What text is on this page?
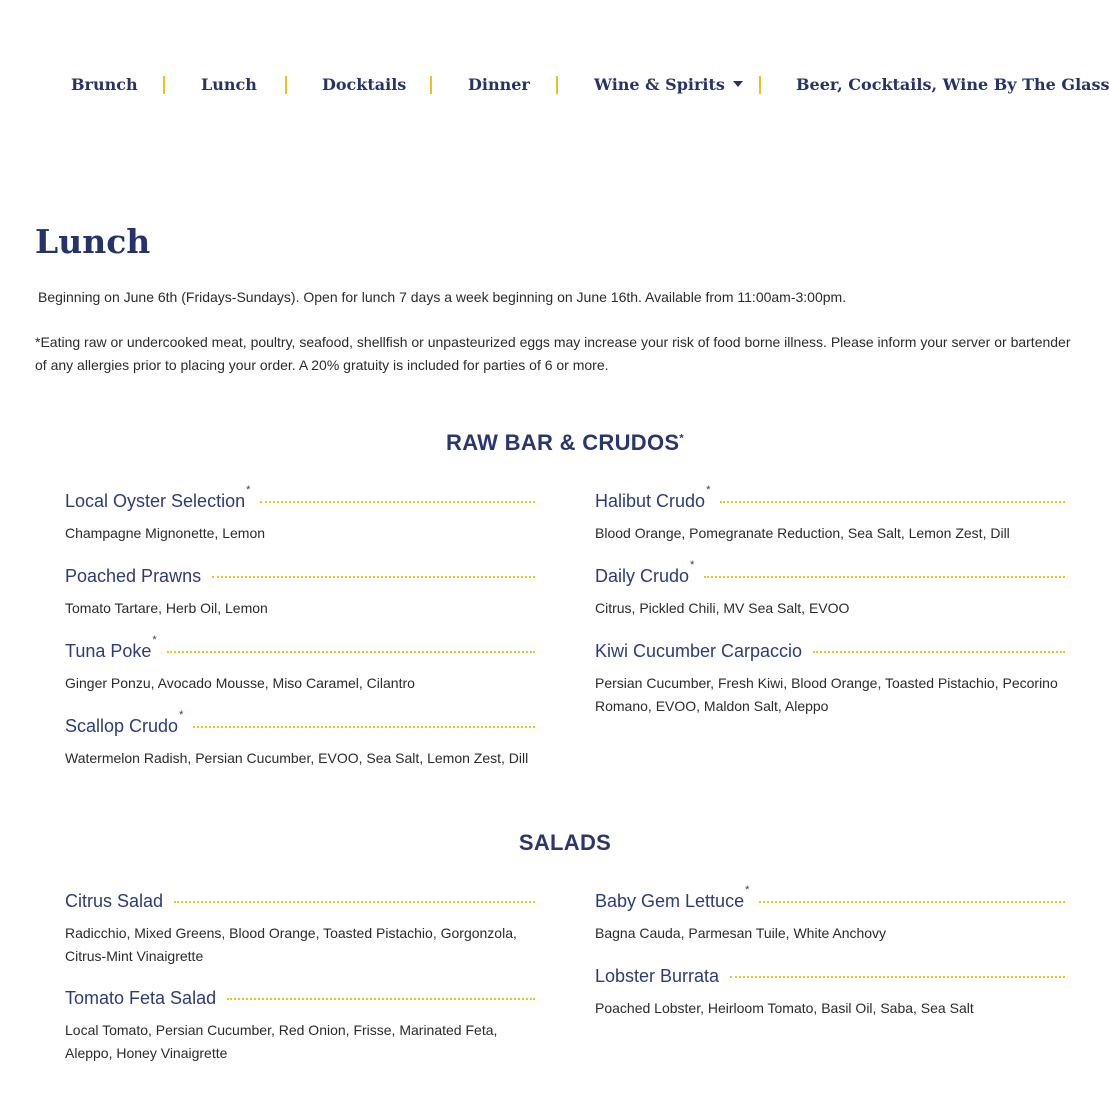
Brunch	Lunch	Docktails	Dinner	Wine & Spirits	Beer, Cocktails, Wine By The Glass
Lunch

Beginning on June 6th (Fridays-Sundays). Open for lunch 7 days a week beginning on June 16th. Available from 11:00am-3:00pm.

*Eating raw or undercooked meat, poultry, seafood, shellfish or unpasteurized eggs may increase your risk of food borne illness. Please inform your server or bartender of any allergies prior to placing your order. A 20% gratuity is included for parties of 6 or more.

RAW BAR & CRUDOS*
Local Oyster Selection*
Champagne Mignonette, Lemon
Poached Prawns
Tomato Tartare, Herb Oil, Lemon
Tuna Poke*
Ginger Ponzu, Avocado Mousse, Miso Caramel, Cilantro
Scallop Crudo*
Watermelon Radish, Persian Cucumber, EVOO, Sea Salt, Lemon Zest, Dill
Halibut Crudo*
Blood Orange, Pomegranate Reduction, Sea Salt, Lemon Zest, Dill
Daily Crudo*
Citrus, Pickled Chili, MV Sea Salt, EVOO
Kiwi Cucumber Carpaccio
Persian Cucumber, Fresh Kiwi, Blood Orange, Toasted Pistachio, Pecorino Romano, EVOO, Maldon Salt, Aleppo
SALADS
Citrus Salad
Radicchio, Mixed Greens, Blood Orange, Toasted Pistachio, Gorgonzola, Citrus-Mint Vinaigrette
Tomato Feta Salad
Local Tomato, Persian Cucumber, Red Onion, Frisse, Marinated Feta, Aleppo, Honey Vinaigrette
Baby Gem Lettuce*
Bagna Cauda, Parmesan Tuile, White Anchovy
Lobster Burrata
Poached Lobster, Heirloom Tomato, Basil Oil, Saba, Sea Salt
